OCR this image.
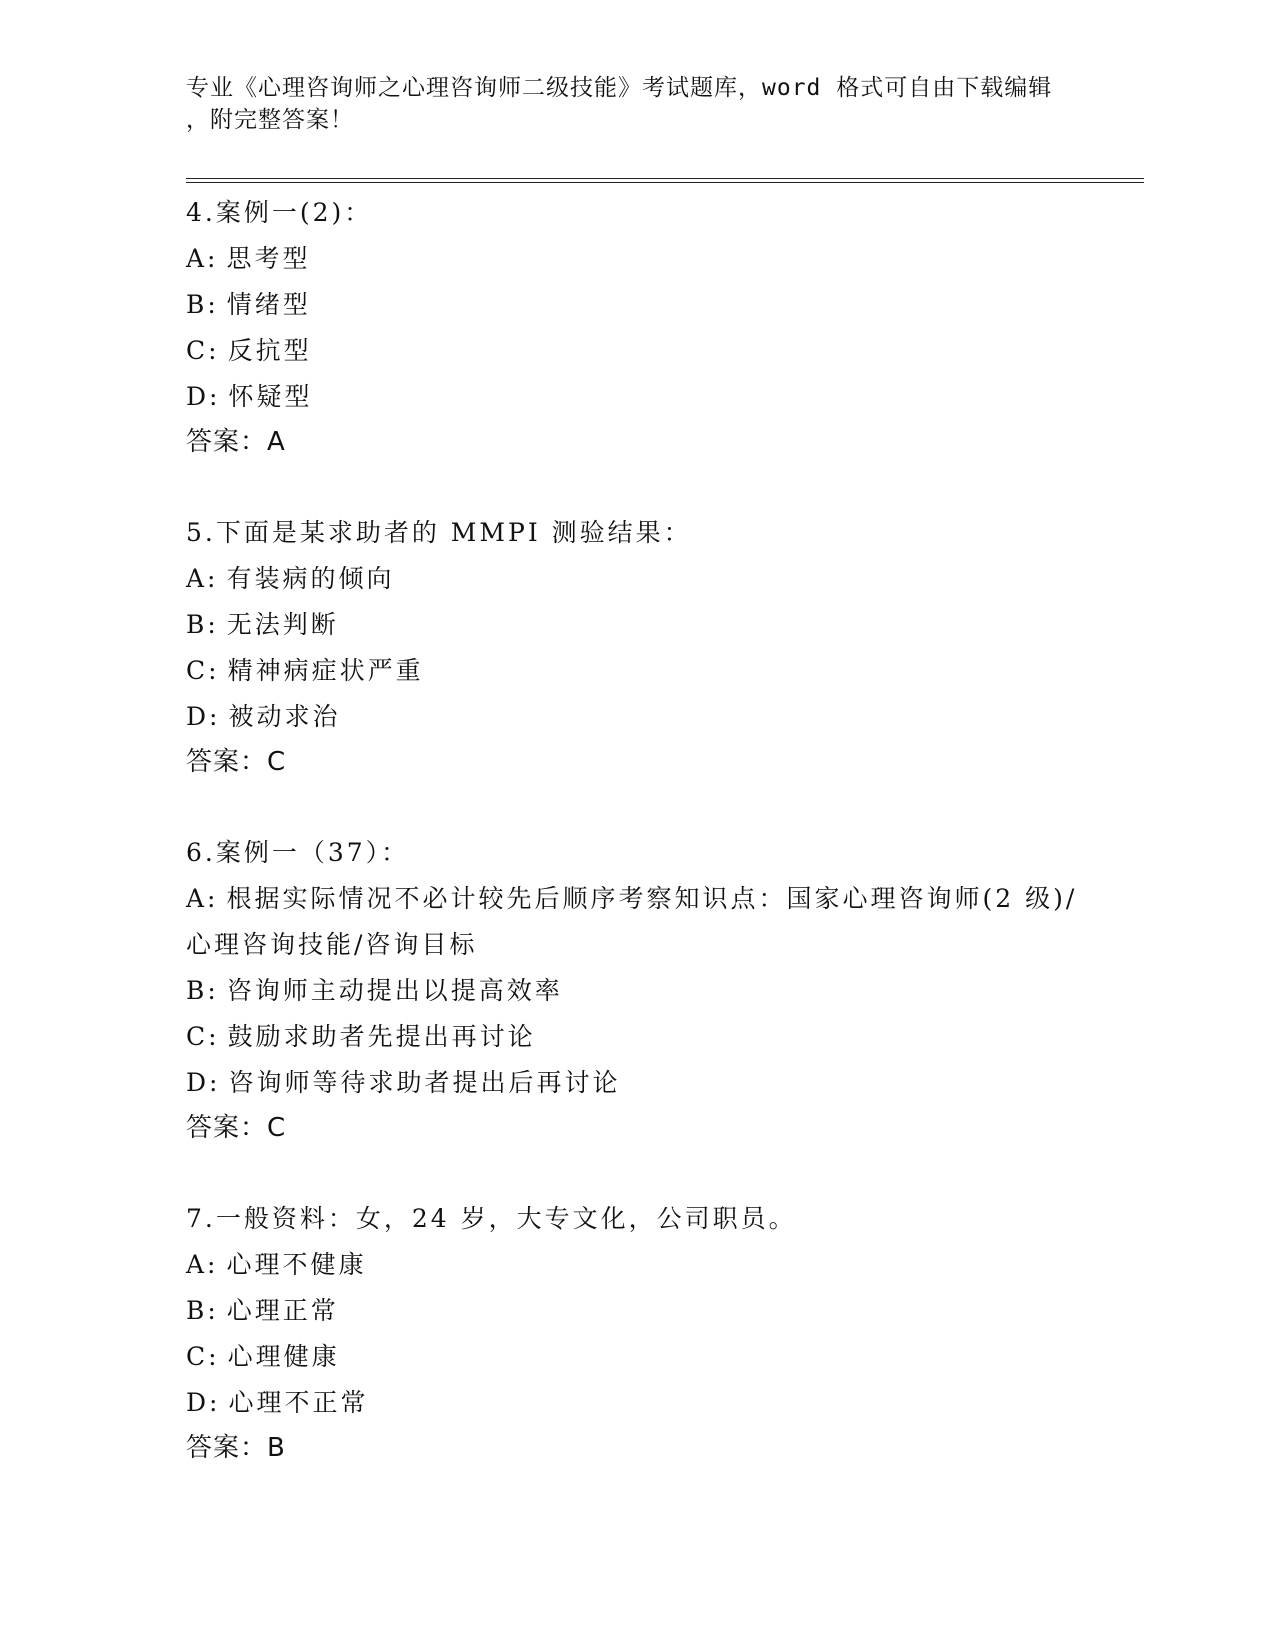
专业《心理咨询师之心理咨询师二级技能》考试题库，word 格式可自由下载编辑
，附完整答案！
4.案例一(2)：
A: 思考型
B: 情绪型
C: 反抗型
D: 怀疑型
答案：A
5.下面是某求助者的 MMPI 测验结果：
A: 有装病的倾向
B: 无法判断
C: 精神病症状严重
D: 被动求治
答案：C
6.案例一（37）：
A: 根据实际情况不必计较先后顺序考察知识点：国家心理咨询师(2 级)/心理咨询技能/咨询目标
B: 咨询师主动提出以提高效率
C: 鼓励求助者先提出再讨论
D: 咨询师等待求助者提出后再讨论
答案：C
7.一般资料：女，24 岁，大专文化，公司职员。
A: 心理不健康
B: 心理正常
C: 心理健康
D: 心理不正常
答案：B
